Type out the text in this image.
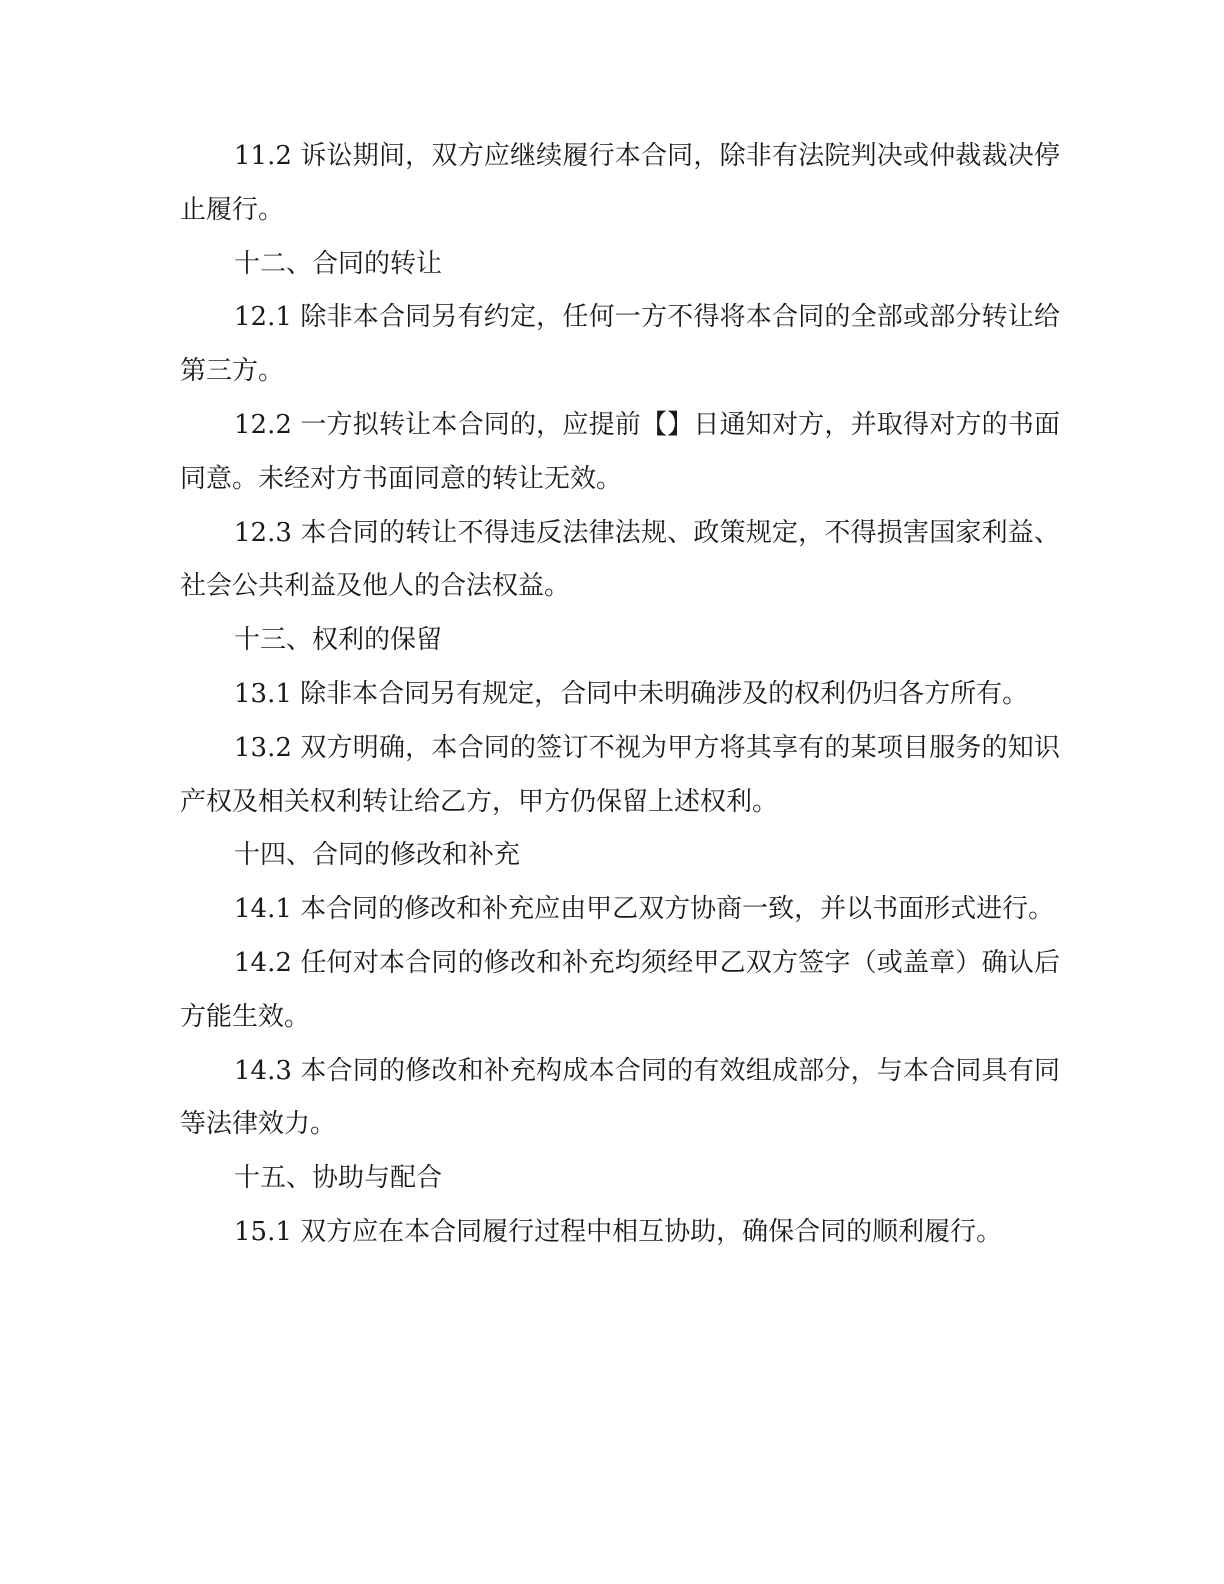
11.2 诉讼期间，双方应继续履行本合同，除非有法院判决或仲裁裁决停止履行。

十二、合同的转让

12.1 除非本合同另有约定，任何一方不得将本合同的全部或部分转让给第三方。

12.2 一方拟转让本合同的，应提前【】日通知对方，并取得对方的书面同意。未经对方书面同意的转让无效。

12.3 本合同的转让不得违反法律法规、政策规定，不得损害国家利益、社会公共利益及他人的合法权益。

十三、权利的保留

13.1 除非本合同另有规定，合同中未明确涉及的权利仍归各方所有。

13.2 双方明确，本合同的签订不视为甲方将其享有的某项目服务的知识产权及相关权利转让给乙方，甲方仍保留上述权利。

十四、合同的修改和补充

14.1 本合同的修改和补充应由甲乙双方协商一致，并以书面形式进行。

14.2 任何对本合同的修改和补充均须经甲乙双方签字（或盖章）确认后方能生效。

14.3 本合同的修改和补充构成本合同的有效组成部分，与本合同具有同等法律效力。

十五、协助与配合

15.1 双方应在本合同履行过程中相互协助，确保合同的顺利履行。
